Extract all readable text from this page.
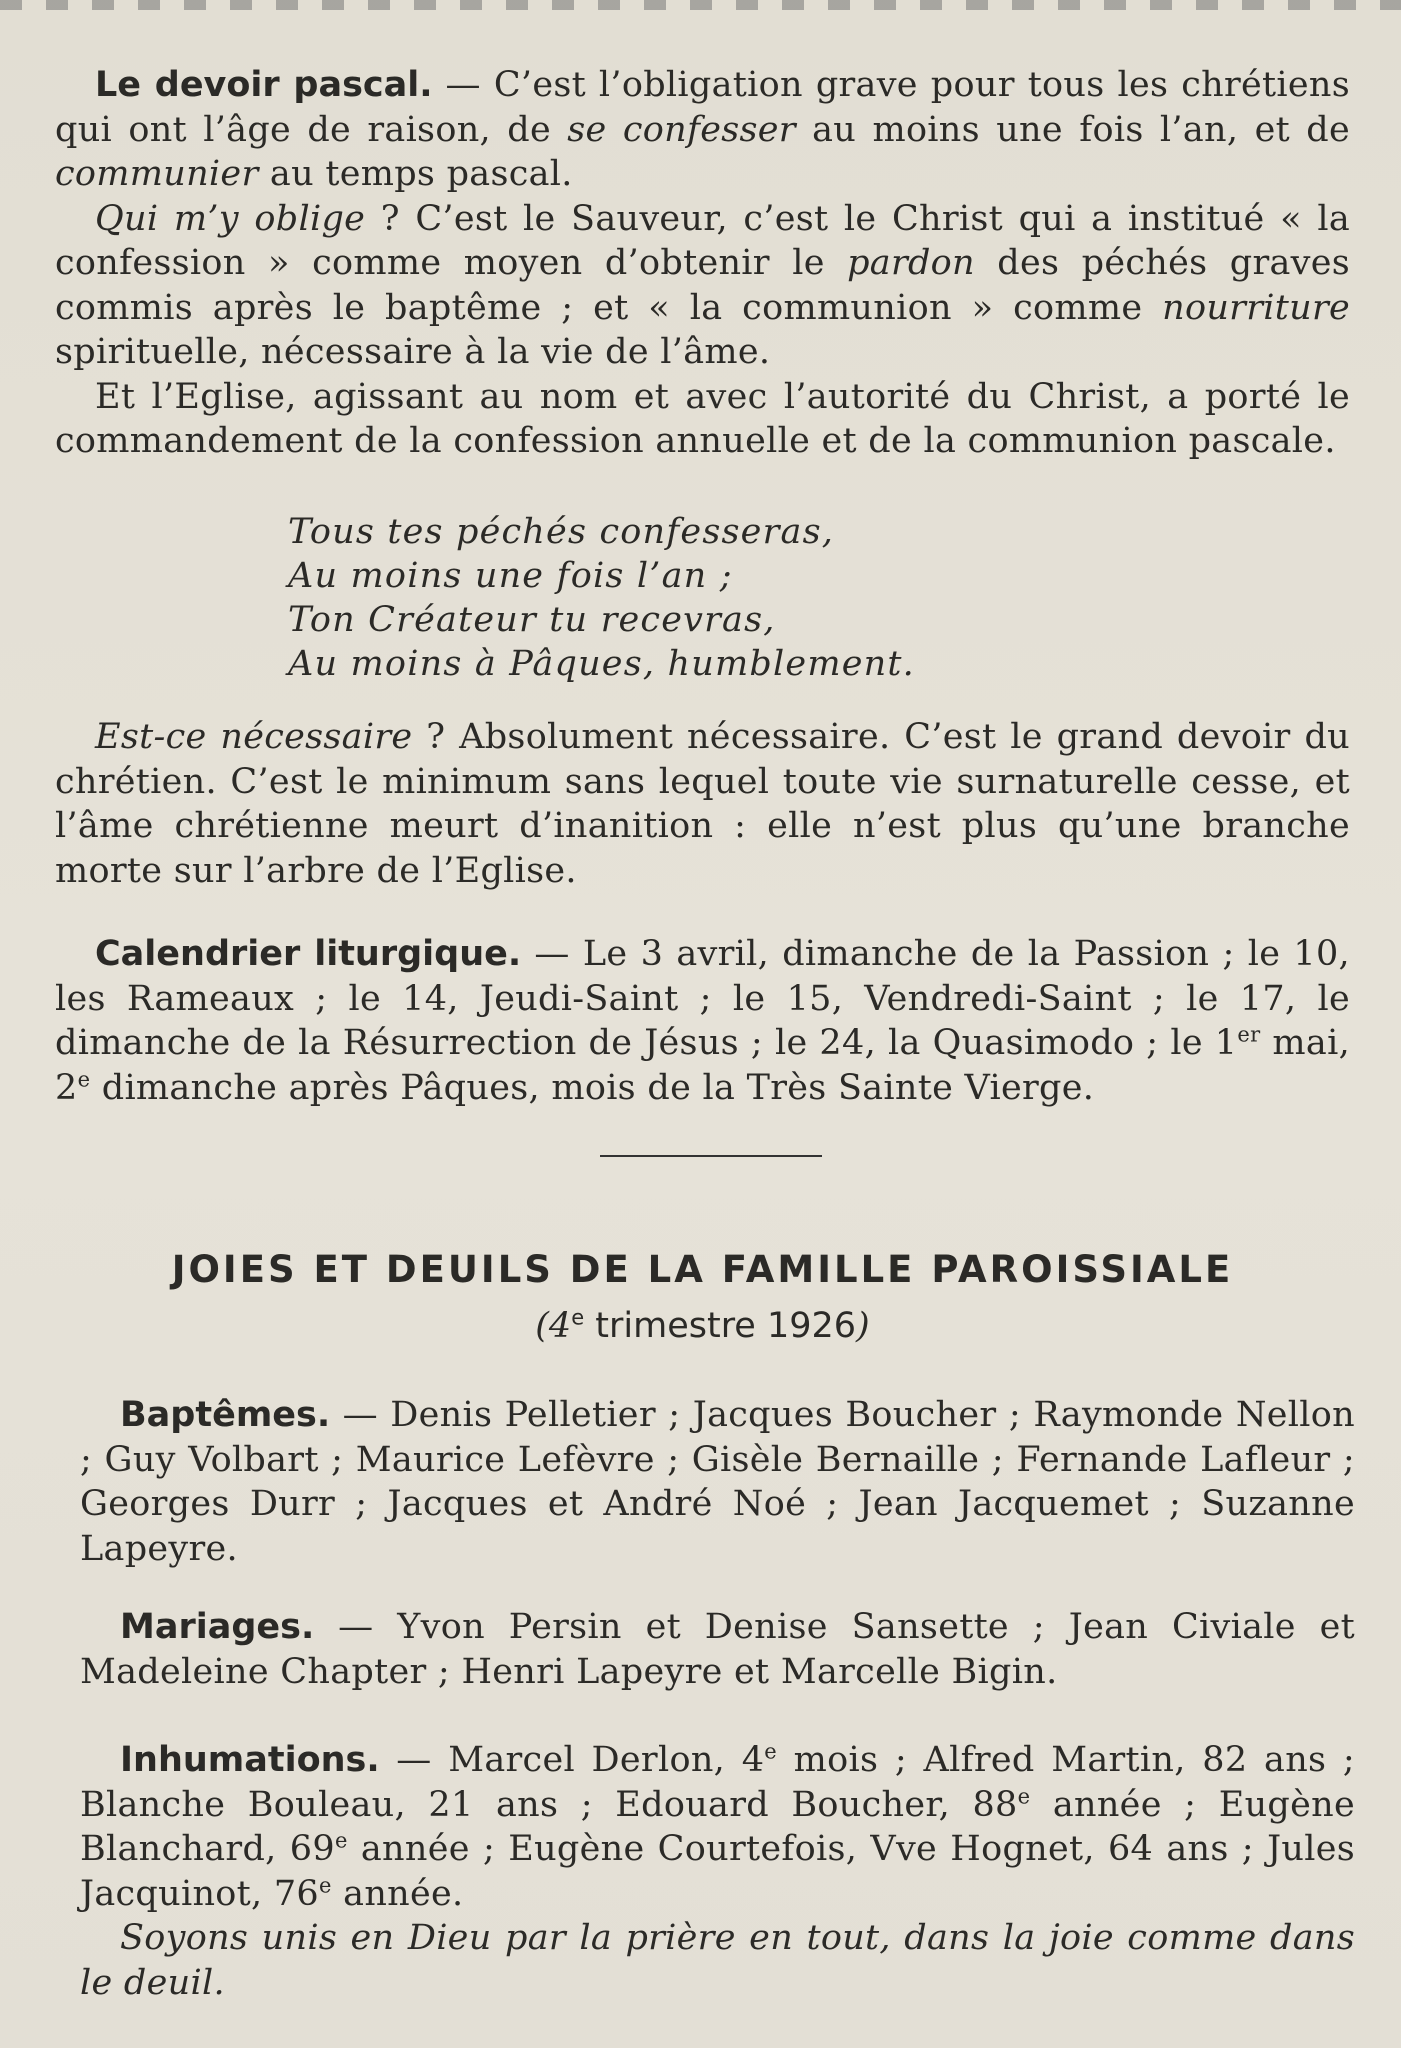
Le devoir pascal. — C’est l’obligation grave pour tous les chrétiens qui ont l’âge de raison, de se confesser au moins une fois l’an, et de communier au temps pascal.

Qui m’y oblige ? C’est le Sauveur, c’est le Christ qui a institué « la confession » comme moyen d’obtenir le pardon des péchés graves commis après le baptême ; et « la communion » comme nourriture spirituelle, nécessaire à la vie de l’âme.

Et l’Eglise, agissant au nom et avec l’autorité du Christ, a porté le commandement de la confession annuelle et de la communion pascale.

Tous tes péchés confesseras,
Au moins une fois l’an ;
Ton Créateur tu recevras,
Au moins à Pâques, humblement.

Est-ce nécessaire ? Absolument nécessaire. C’est le grand devoir du chrétien. C’est le minimum sans lequel toute vie surnaturelle cesse, et l’âme chrétienne meurt d’inanition : elle n’est plus qu’une branche morte sur l’arbre de l’Eglise.

Calendrier liturgique. — Le 3 avril, dimanche de la Passion ; le 10, les Rameaux ; le 14, Jeudi-Saint ; le 15, Vendredi-Saint ; le 17, le dimanche de la Résurrection de Jésus ; le 24, la Quasimodo ; le 1er mai, 2e dimanche après Pâques, mois de la Très Sainte Vierge.

JOIES ET DEUILS DE LA FAMILLE PAROISSIALE
(4e trimestre 1926)

Baptêmes. — Denis Pelletier ; Jacques Boucher ; Raymonde Nellon ; Guy Volbart ; Maurice Lefèvre ; Gisèle Bernaille ; Fernande Lafleur ; Georges Durr ; Jacques et André Noé ; Jean Jacquemet ; Suzanne Lapeyre.

Mariages. — Yvon Persin et Denise Sansette ; Jean Civiale et Madeleine Chapter ; Henri Lapeyre et Marcelle Bigin.

Inhumations. — Marcel Derlon, 4e mois ; Alfred Martin, 82 ans ; Blanche Bouleau, 21 ans ; Edouard Boucher, 88e année ; Eugène Blanchard, 69e année ; Eugène Courtefois, Vve Hognet, 64 ans ; Jules Jacquinot, 76e année.

Soyons unis en Dieu par la prière en tout, dans la joie comme dans le deuil.
